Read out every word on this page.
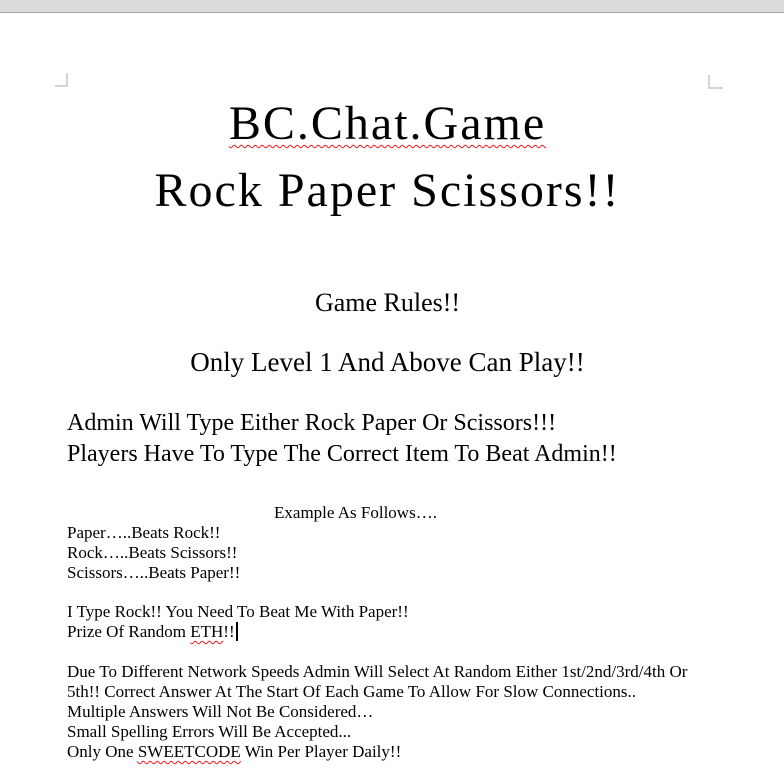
BC.Chat.Game
Rock Paper Scissors!!
Game Rules!!
Only Level 1 And Above Can Play!!
Admin Will Type Either Rock Paper Or Scissors!!!
Players Have To Type The Correct Item To Beat Admin!!
Example As Follows….
Paper…..Beats Rock!!
Rock…..Beats Scissors!!
Scissors…..Beats Paper!!
I Type Rock!! You Need To Beat Me With Paper!!
Prize Of Random ETH!!
Due To Different Network Speeds Admin Will Select At Random Either 1st/2nd/3rd/4th Or
5th!! Correct Answer At The Start Of Each Game To Allow For Slow Connections..
Multiple Answers Will Not Be Considered…
Small Spelling Errors Will Be Accepted...
Only One SWEETCODE Win Per Player Daily!!
